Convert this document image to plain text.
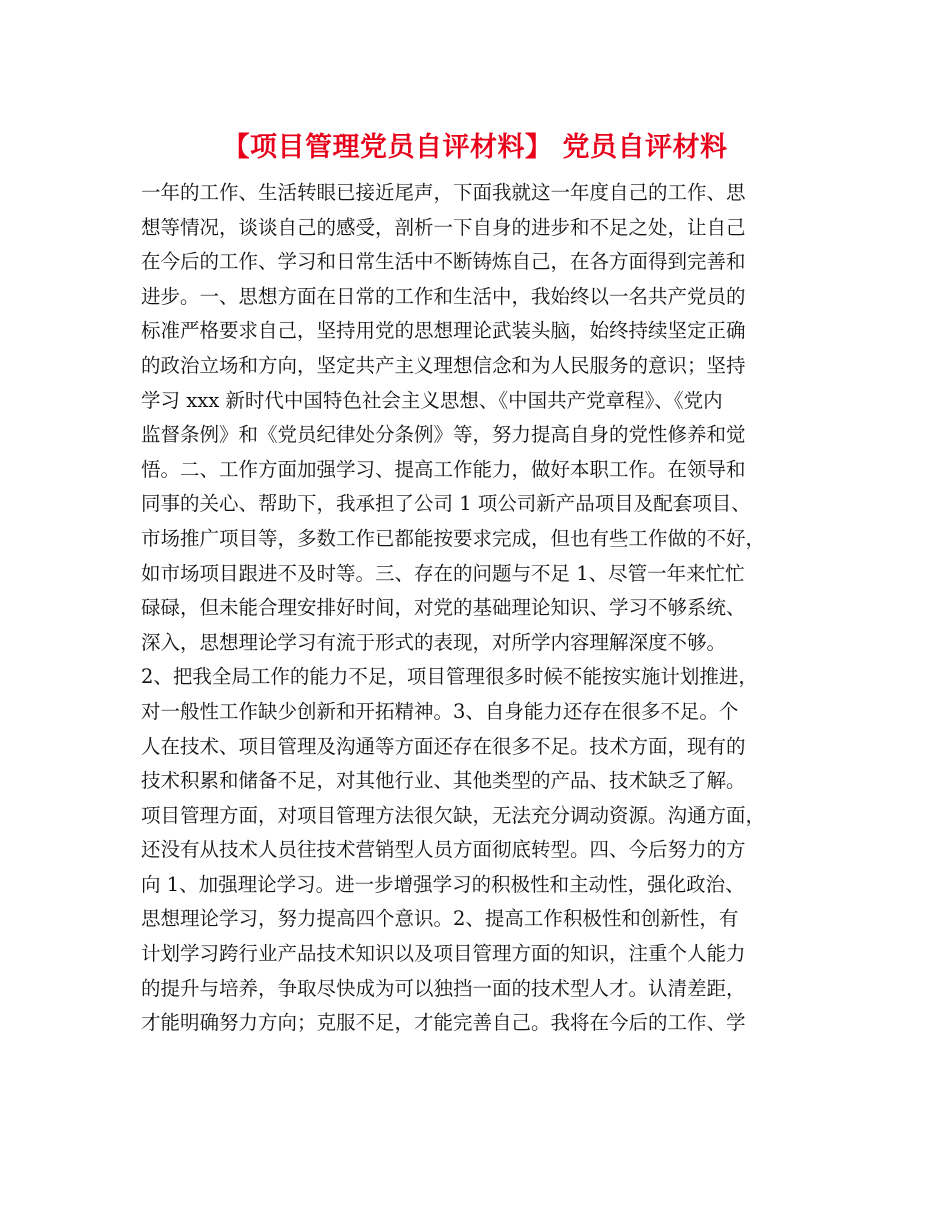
【项目管理党员自评材料】 党员自评材料
一年的工作、生活转眼已接近尾声，下面我就这一年度自己的工作、思
想等情况，谈谈自己的感受，剖析一下自身的进步和不足之处，让自己
在今后的工作、学习和日常生活中不断铸炼自己，在各方面得到完善和
进步。一、思想方面在日常的工作和生活中，我始终以一名共产党员的
标准严格要求自己，坚持用党的思想理论武装头脑，始终持续坚定正确
的政治立场和方向，坚定共产主义理想信念和为人民服务的意识；坚持
学习 xxx 新时代中国特色社会主义思想、《中国共产党章程》、《党内
监督条例》和《党员纪律处分条例》等，努力提高自身的党性修养和觉
悟。二、工作方面加强学习、提高工作能力，做好本职工作。在领导和
同事的关心、帮助下，我承担了公司 1 项公司新产品项目及配套项目、
市场推广项目等，多数工作已都能按要求完成，但也有些工作做的不好，
如市场项目跟进不及时等。三、存在的问题与不足 1、尽管一年来忙忙
碌碌，但未能合理安排好时间，对党的基础理论知识、学习不够系统、
深入，思想理论学习有流于形式的表现，对所学内容理解深度不够。
2、把我全局工作的能力不足，项目管理很多时候不能按实施计划推进，
对一般性工作缺少创新和开拓精神。3、自身能力还存在很多不足。个
人在技术、项目管理及沟通等方面还存在很多不足。技术方面，现有的
技术积累和储备不足，对其他行业、其他类型的产品、技术缺乏了解。
项目管理方面，对项目管理方法很欠缺，无法充分调动资源。沟通方面，
还没有从技术人员往技术营销型人员方面彻底转型。四、今后努力的方
向 1、加强理论学习。进一步增强学习的积极性和主动性，强化政治、
思想理论学习，努力提高四个意识。2、提高工作积极性和创新性，有
计划学习跨行业产品技术知识以及项目管理方面的知识，注重个人能力
的提升与培养，争取尽快成为可以独挡一面的技术型人才。认清差距，
才能明确努力方向；克服不足，才能完善自己。我将在今后的工作、学
